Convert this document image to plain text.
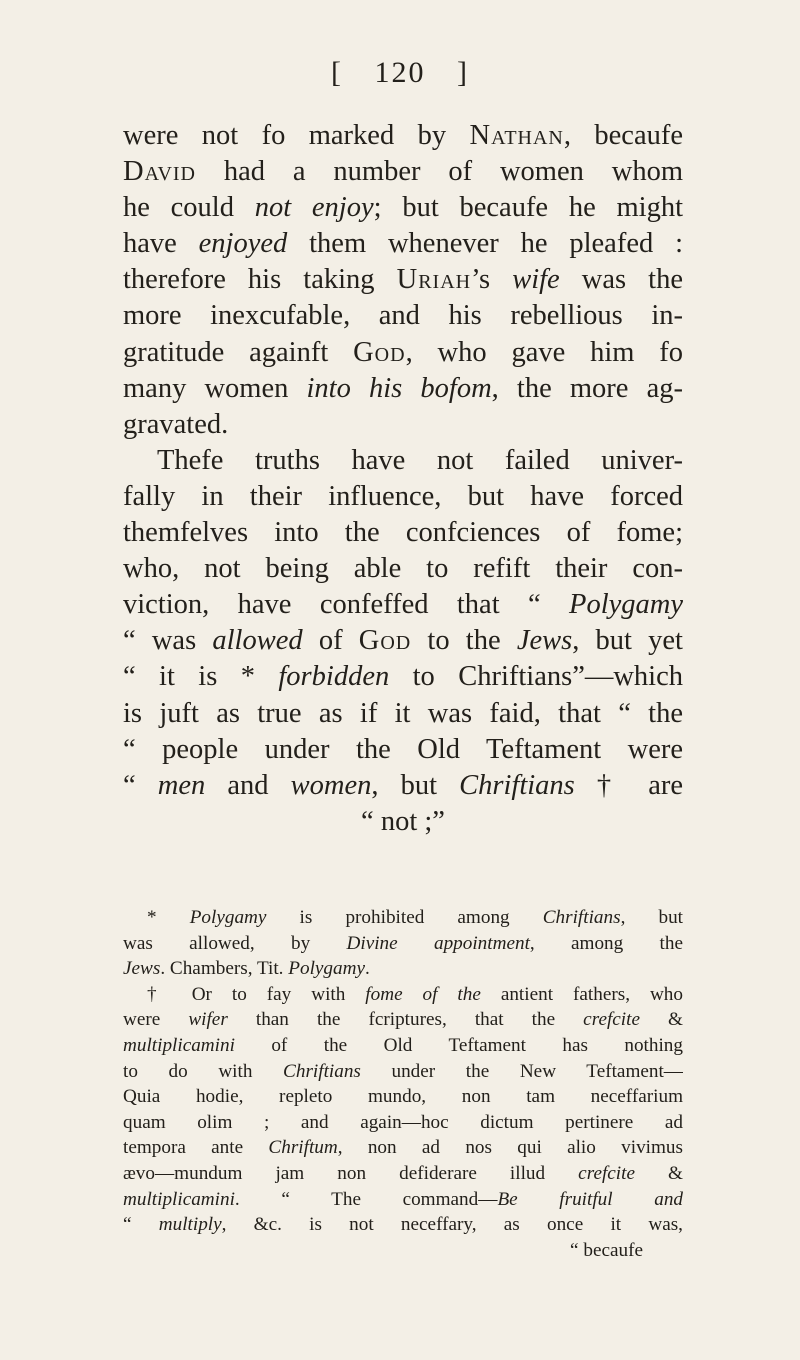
[ 120 ]
were not fo marked by Nathan, becaufe
David had a number of women whom
he could not enjoy; but becaufe he might
have enjoyed them whenever he pleafed :
therefore his taking Uriah’s wife was the
more inexcufable, and his rebellious in-
gratitude againft God, who gave him fo
many women into his bofom, the more ag-
gravated.
Thefe truths have not failed univer-
fally in their influence, but have forced
themfelves into the confciences of fome;
who, not being able to refift their con-
viction, have confeffed that “ Polygamy
“ was allowed of God to the Jews, but yet
“ it is * forbidden to Chriftians”—which
is juft as true as if it was faid, that “ the
“ people under the Old Teftament were
“ men and women, but Chriftians † are
“ not ;”
* Polygamy is prohibited among Chriftians, but
was allowed, by Divine appointment, among the
Jews. Chambers, Tit. Polygamy.
† Or to fay with fome of the antient fathers, who
were wifer than the fcriptures, that the crefcite &
multiplicamini of the Old Teftament has nothing
to do with Chriftians under the New Teftament—
Quia hodie, repleto mundo, non tam neceffarium
quam olim ; and again—hoc dictum pertinere ad
tempora ante Chriftum, non ad nos qui alio vivimus
ævo—mundum jam non defiderare illud crefcite &
multiplicamini. “ The command—Be fruitful and
“ multiply, &c. is not neceffary, as once it was,
“ becaufe
